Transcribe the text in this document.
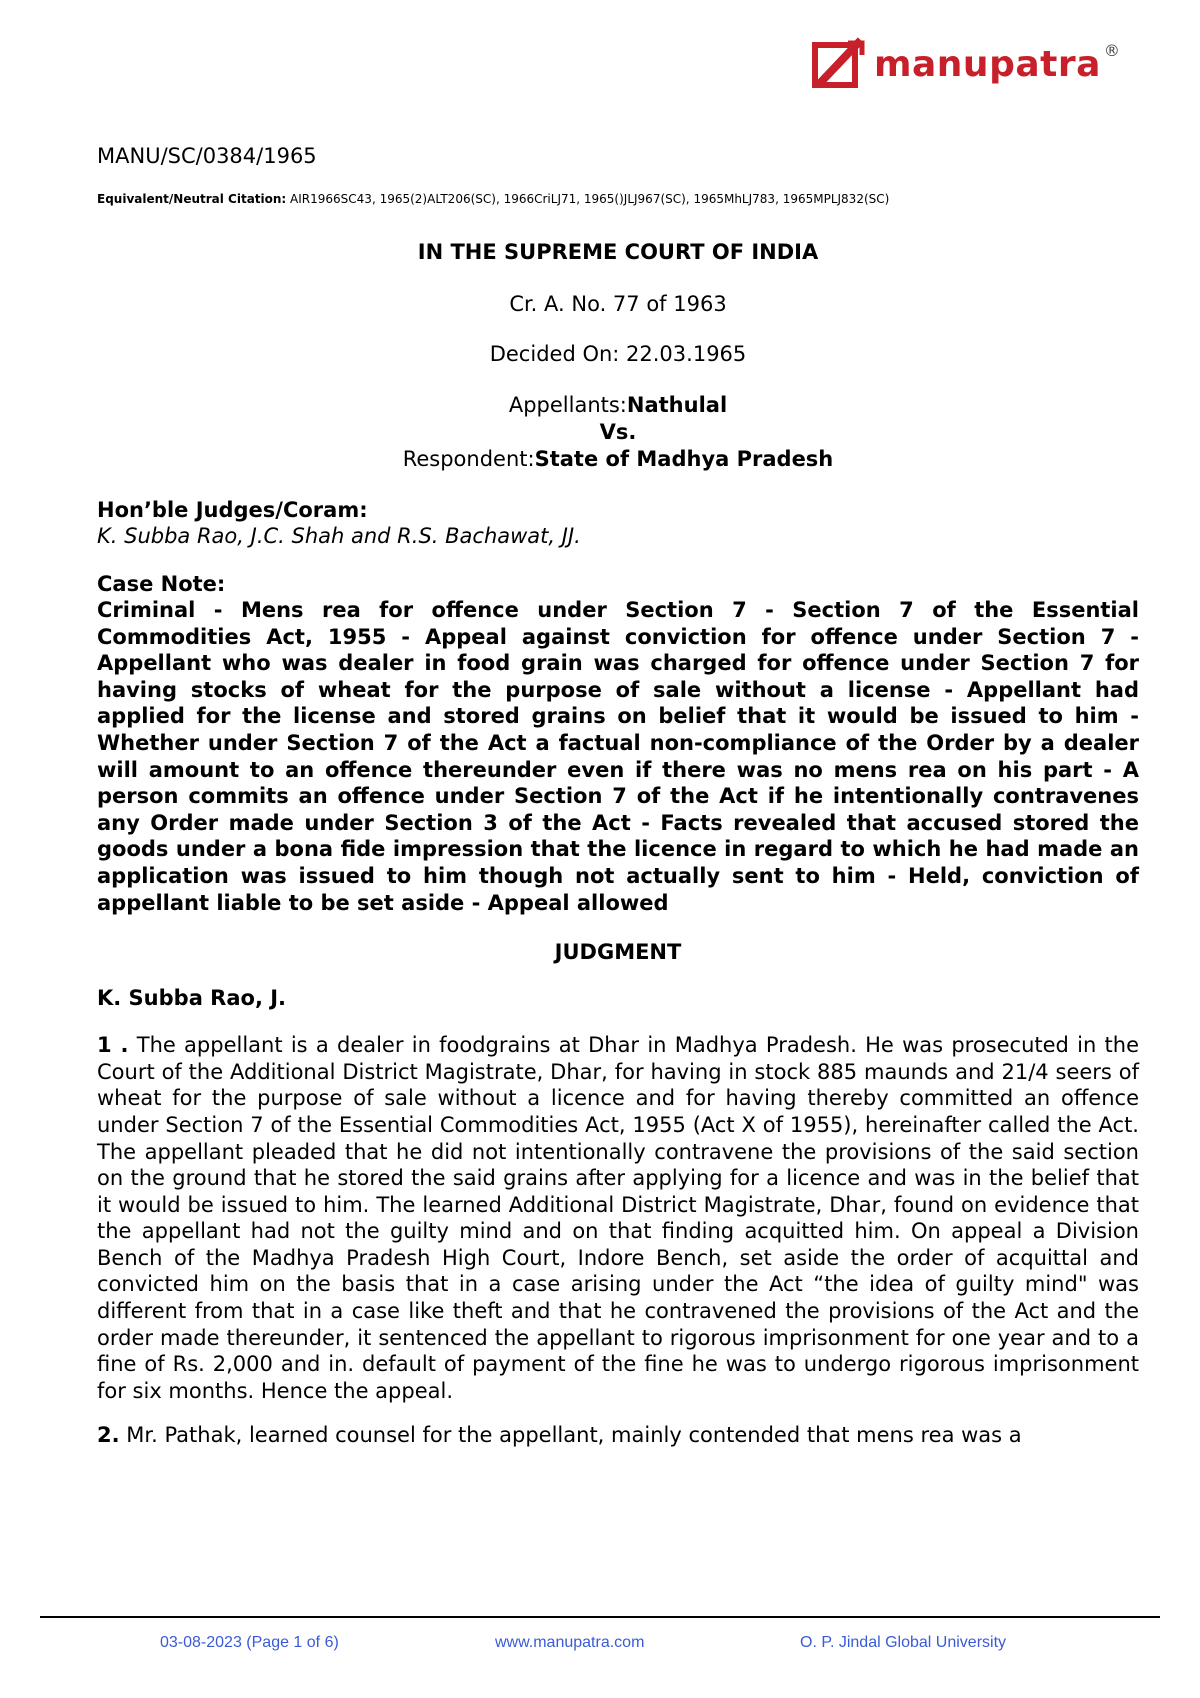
manupatra ®
MANU/SC/0384/1965
Equivalent/Neutral Citation: AIR1966SC43, 1965(2)ALT206(SC), 1966CriLJ71, 1965()JLJ967(SC), 1965MhLJ783, 1965MPLJ832(SC)
IN THE SUPREME COURT OF INDIA
Cr. A. No. 77 of 1963
Decided On: 22.03.1965
Appellants:Nathulal
Vs.
Respondent:State of Madhya Pradesh
Hon’ble Judges/Coram:
K. Subba Rao, J.C. Shah and R.S. Bachawat, JJ.
Case Note:
Criminal - Mens rea for offence under Section 7 - Section 7 of the Essential Commodities Act, 1955 - Appeal against conviction for offence under Section 7 - Appellant who was dealer in food grain was charged for offence under Section 7 for having stocks of wheat for the purpose of sale without a license - Appellant had applied for the license and stored grains on belief that it would be issued to him - Whether under Section 7 of the Act a factual non-compliance of the Order by a dealer will amount to an offence thereunder even if there was no mens rea on his part - A person commits an offence under Section 7 of the Act if he intentionally contravenes any Order made under Section 3 of the Act - Facts revealed that accused stored the goods under a bona fide impression that the licence in regard to which he had made an application was issued to him though not actually sent to him - Held, conviction of appellant liable to be set aside - Appeal allowed
JUDGMENT
K. Subba Rao, J.
1 . The appellant is a dealer in foodgrains at Dhar in Madhya Pradesh. He was prosecuted in the Court of the Additional District Magistrate, Dhar, for having in stock 885 maunds and 21/4 seers of wheat for the purpose of sale without a licence and for having thereby committed an offence under Section 7 of the Essential Commodities Act, 1955 (Act X of 1955), hereinafter called the Act. The appellant pleaded that he did not intentionally contravene the provisions of the said section on the ground that he stored the said grains after applying for a licence and was in the belief that it would be issued to him. The learned Additional District Magistrate, Dhar, found on evidence that the appellant had not the guilty mind and on that finding acquitted him. On appeal a Division Bench of the Madhya Pradesh High Court, Indore Bench, set aside the order of acquittal and convicted him on the basis that in a case arising under the Act “the idea of guilty mind" was different from that in a case like theft and that he contravened the provisions of the Act and the order made thereunder, it sentenced the appellant to rigorous imprisonment for one year and to a fine of Rs. 2,000 and in. default of payment of the fine he was to undergo rigorous imprisonment for six months. Hence the appeal.
2. Mr. Pathak, learned counsel for the appellant, mainly contended that mens rea was a
03-08-2023 (Page 1 of 6)	www.manupatra.com	O. P. Jindal Global University
